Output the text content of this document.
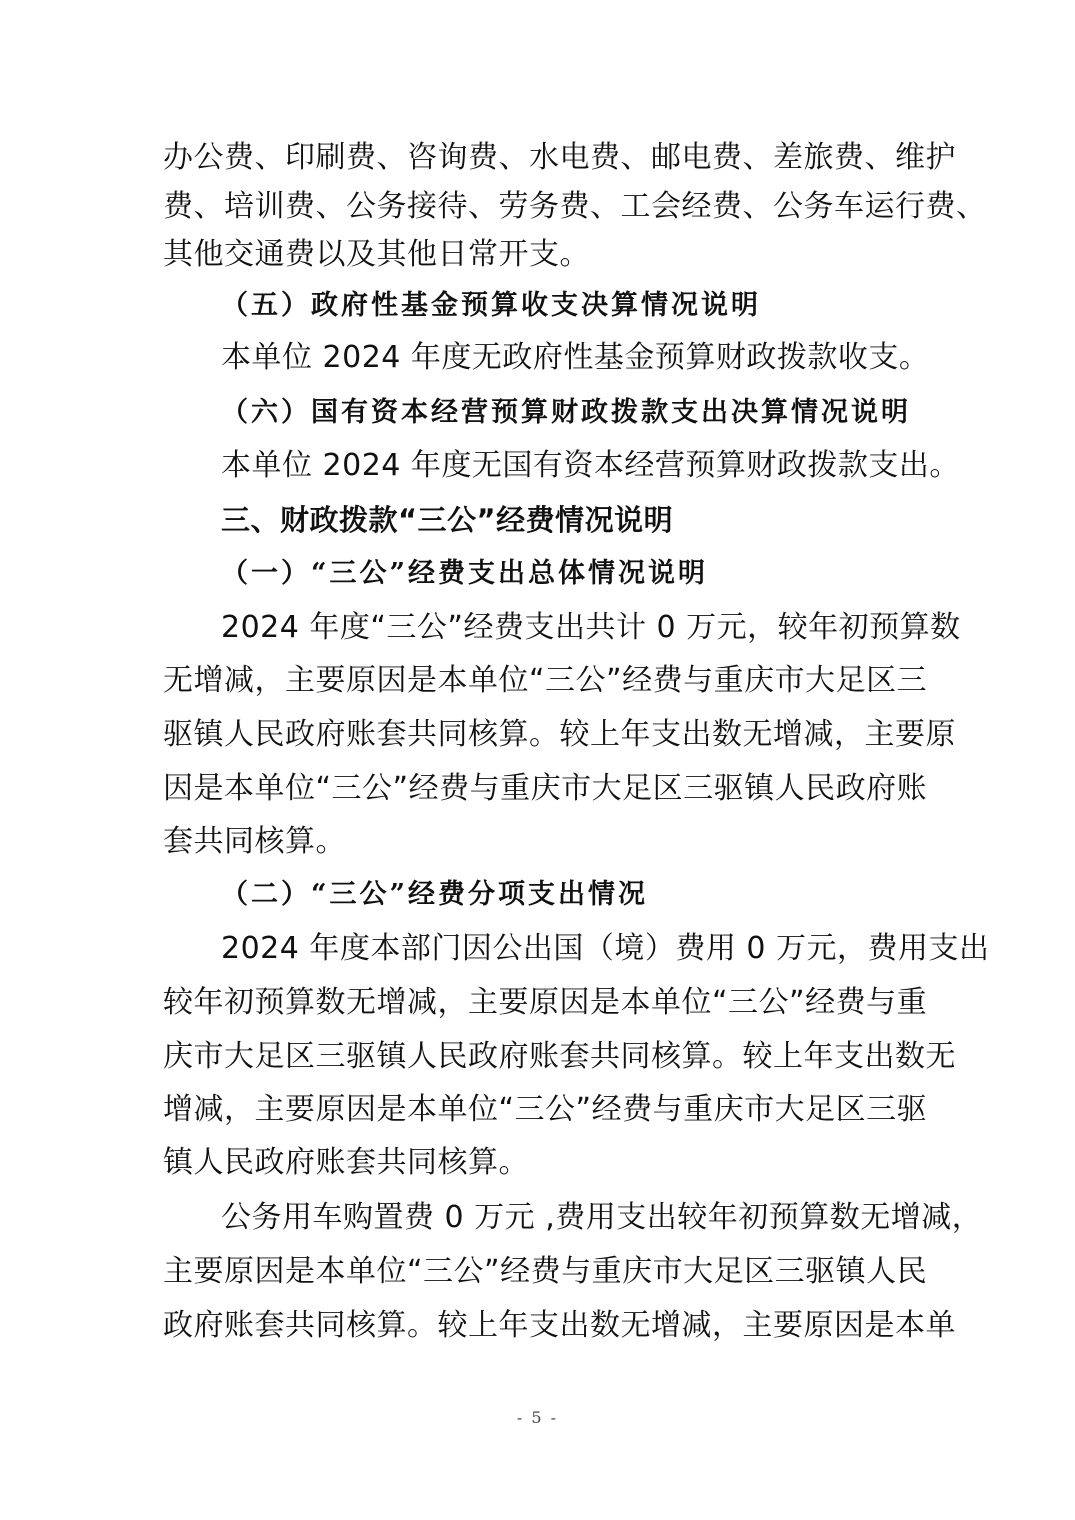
办公费、印刷费、咨询费、水电费、邮电费、差旅费、维护
费、培训费、公务接待、劳务费、工会经费、公务车运行费、
其他交通费以及其他日常开支。
（五）政府性基金预算收支决算情况说明
本单位 2024 年度无政府性基金预算财政拨款收支。
（六）国有资本经营预算财政拨款支出决算情况说明
本单位 2024 年度无国有资本经营预算财政拨款支出。
三、财政拨款“三公”经费情况说明
（一）“三公”经费支出总体情况说明
2024 年度“三公”经费支出共计 0 万元，较年初预算数
无增减，主要原因是本单位“三公”经费与重庆市大足区三
驱镇人民政府账套共同核算。较上年支出数无增减，主要原
因是本单位“三公”经费与重庆市大足区三驱镇人民政府账
套共同核算。
（二）“三公”经费分项支出情况
2024 年度本部门因公出国（境）费用 0 万元，费用支出
较年初预算数无增减，主要原因是本单位“三公”经费与重
庆市大足区三驱镇人民政府账套共同核算。较上年支出数无
增减，主要原因是本单位“三公”经费与重庆市大足区三驱
镇人民政府账套共同核算。
公务用车购置费 0 万元 ,费用支出较年初预算数无增减，
主要原因是本单位“三公”经费与重庆市大足区三驱镇人民
政府账套共同核算。较上年支出数无增减，主要原因是本单
- 5 -
